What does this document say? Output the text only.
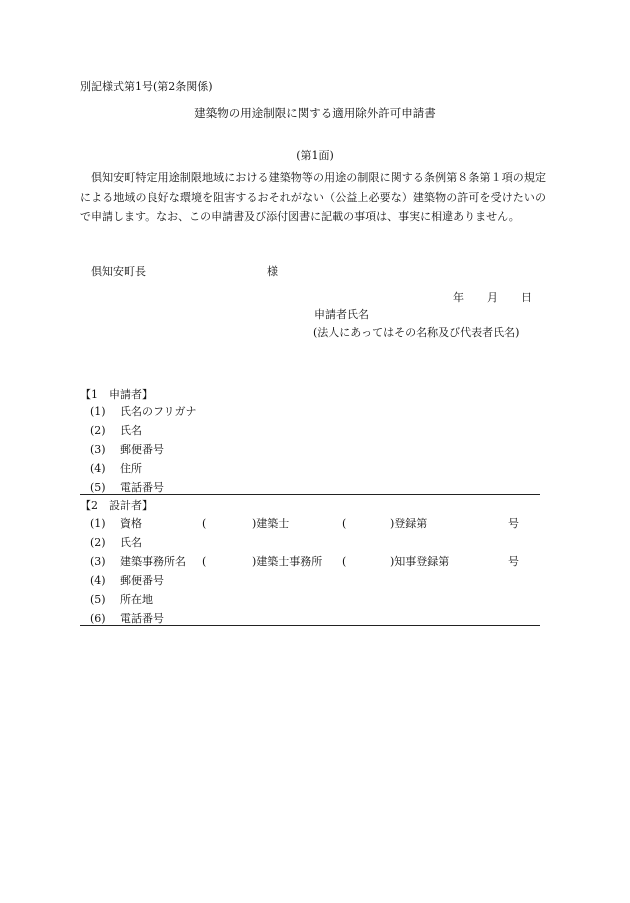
別記様式第1号(第2条関係)
建築物の用途制限に関する適用除外許可申請書
(第1面)
倶知安町特定用途制限地域における建築物等の用途の制限に関する条例第８条第１項の規定による地域の良好な環境を阻害するおそれがない（公益上必要な）建築物の許可を受けたいので申請します。なお、この申請書及び添付図書に記載の事項は、事実に相違ありません。
倶知安町長	様
年 月 日
申請者氏名
(法人にあってはその名称及び代表者氏名)
【1　申請者】
(1) 氏名のフリガナ
(2) 氏名
(3) 郵便番号
(4) 住所
(5) 電話番号
【2　設計者】
(1) 資格	(	)建築士	(	)登録第	号
(2) 氏名
(3) 建築事務所名 (	)建築士事務所 (	)知事登録第	号
(4) 郵便番号
(5) 所在地
(6) 電話番号
